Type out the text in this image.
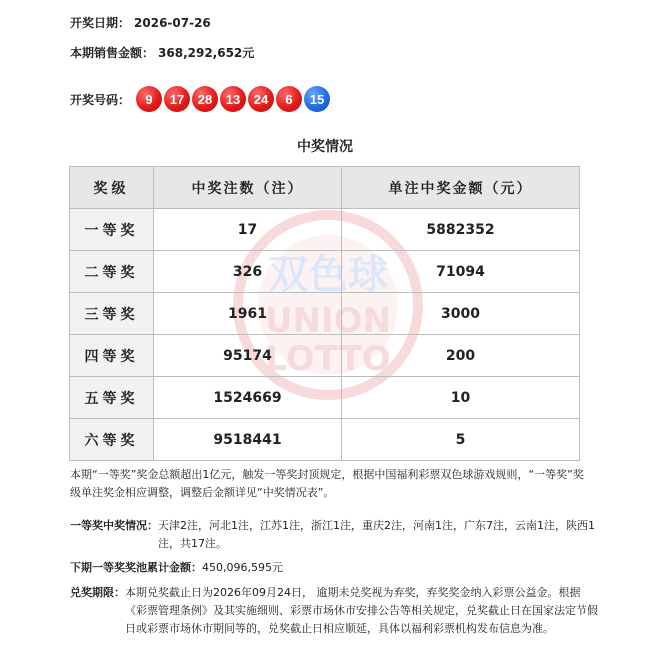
开奖日期： 2026-07-26
本期销售金额： 368,292,652元
开奖号码：	9	17	28	13	24	6	15
中奖情况
双色球
UNION
LOTTO
奖级	中奖注数（注）	单注中奖金额（元）
一等奖	17	5882352
二等奖	326	71094
三等奖	1961	3000
四等奖	95174	200
五等奖	1524669	10
六等奖	9518441	5

本期“一等奖”奖金总额超出1亿元，触发一等奖封顶规定，根据中国福利彩票双色球游戏规则，“一等奖”奖级单注奖金相应调整，调整后金额详见“中奖情况表”。

一等奖中奖情况： 天津2注，河北1注，江苏1注，浙江1注，重庆2注，河南1注，广东7注，云南1注，陕西1注，共17注。
下期一等奖奖池累计金额： 450,096,595元
兑奖期限： 本期兑奖截止日为2026年09月24日， 逾期未兑奖视为弃奖，弃奖奖金纳入彩票公益金。根据《彩票管理条例》及其实施细则、彩票市场休市安排公告等相关规定，兑奖截止日在国家法定节假日或彩票市场休市期间等的，兑奖截止日相应顺延，具体以福利彩票机构发布信息为准。
